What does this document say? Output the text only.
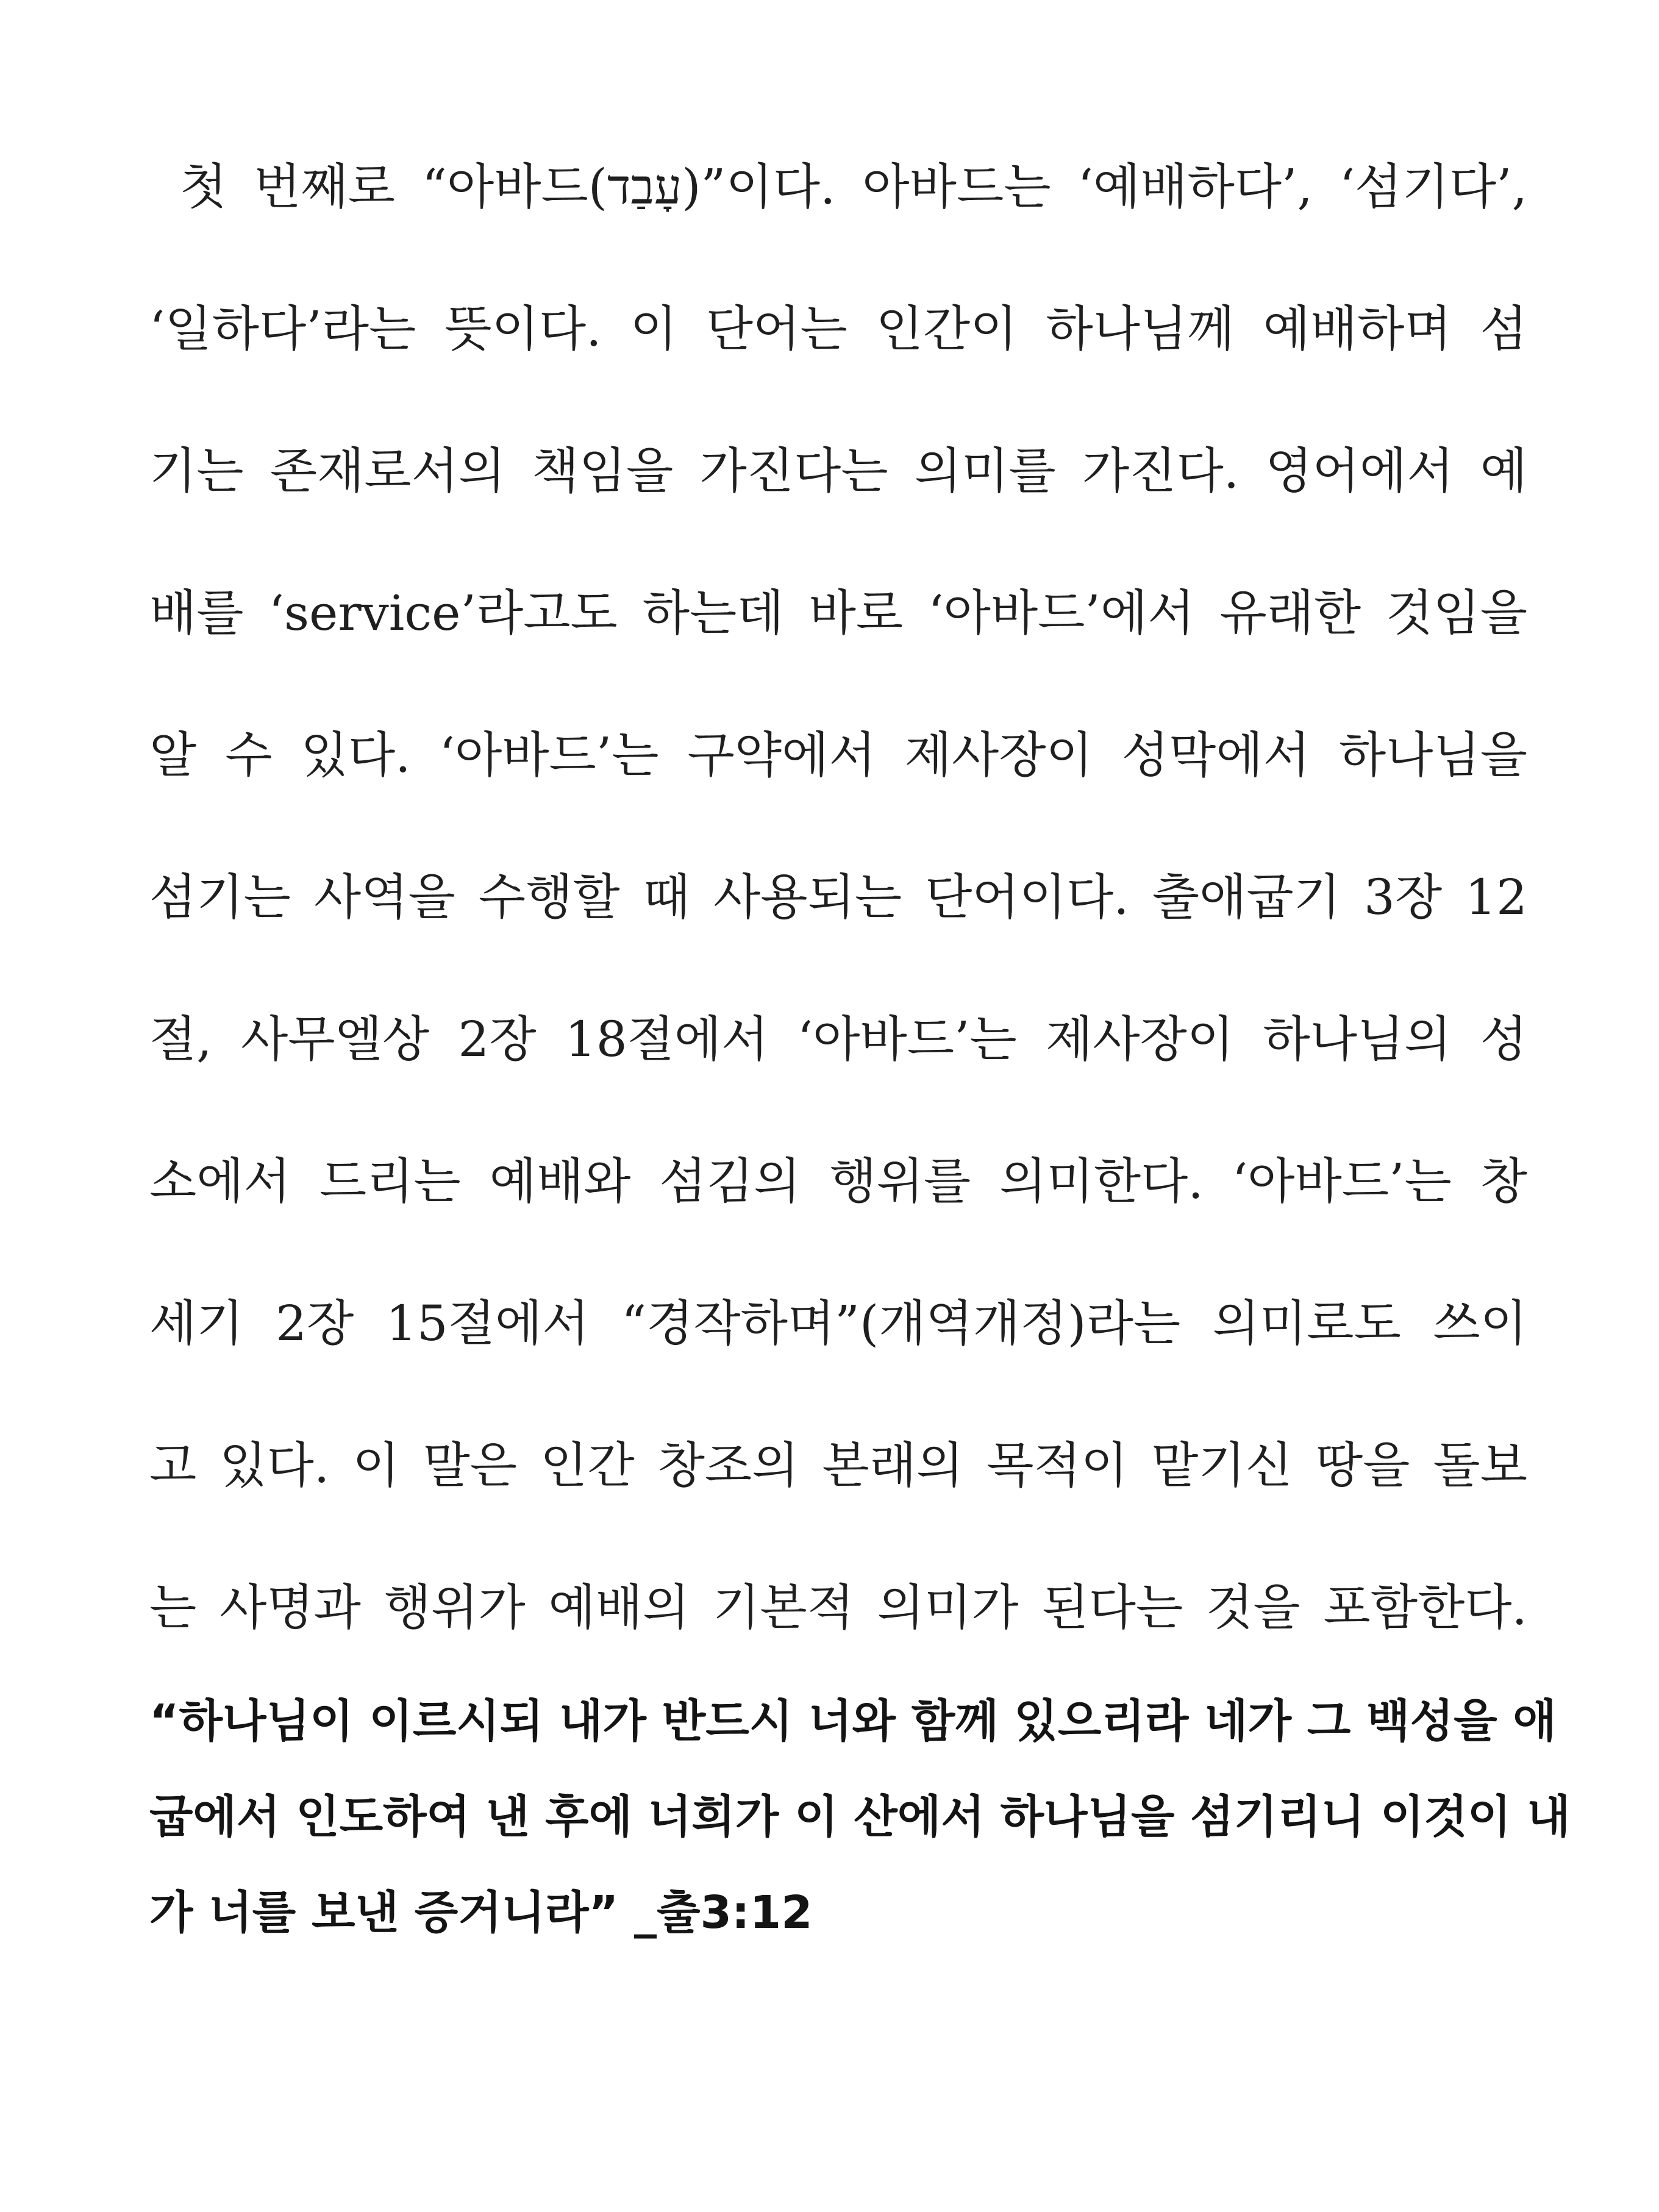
첫 번째로 “아바드(עָבַד)”이다. 아바드는 ‘예배하다’, ‘섬기다’,
‘일하다’라는 뜻이다. 이 단어는 인간이 하나님께 예배하며 섬
기는 존재로서의 책임을 가진다는 의미를 가진다. 영어에서 예
배를 ‘service’라고도 하는데 바로 ‘아바드’에서 유래한 것임을
알 수 있다. ‘아바드’는 구약에서 제사장이 성막에서 하나님을
섬기는 사역을 수행할 때 사용되는 단어이다. 출애굽기 3장 12
절, 사무엘상 2장 18절에서 ‘아바드’는 제사장이 하나님의 성
소에서 드리는 예배와 섬김의 행위를 의미한다. ‘아바드’는 창
세기 2장 15절에서 “경작하며”(개역개정)라는 의미로도 쓰이
고 있다. 이 말은 인간 창조의 본래의 목적이 맡기신 땅을 돌보
는 사명과 행위가 예배의 기본적 의미가 된다는 것을 포함한다.
“하나님이 이르시되 내가 반드시 너와 함께 있으리라 네가 그 백성을 애
굽에서 인도하여 낸 후에 너희가 이 산에서 하나님을 섬기리니 이것이 내
가 너를 보낸 증거니라” _출3:12
